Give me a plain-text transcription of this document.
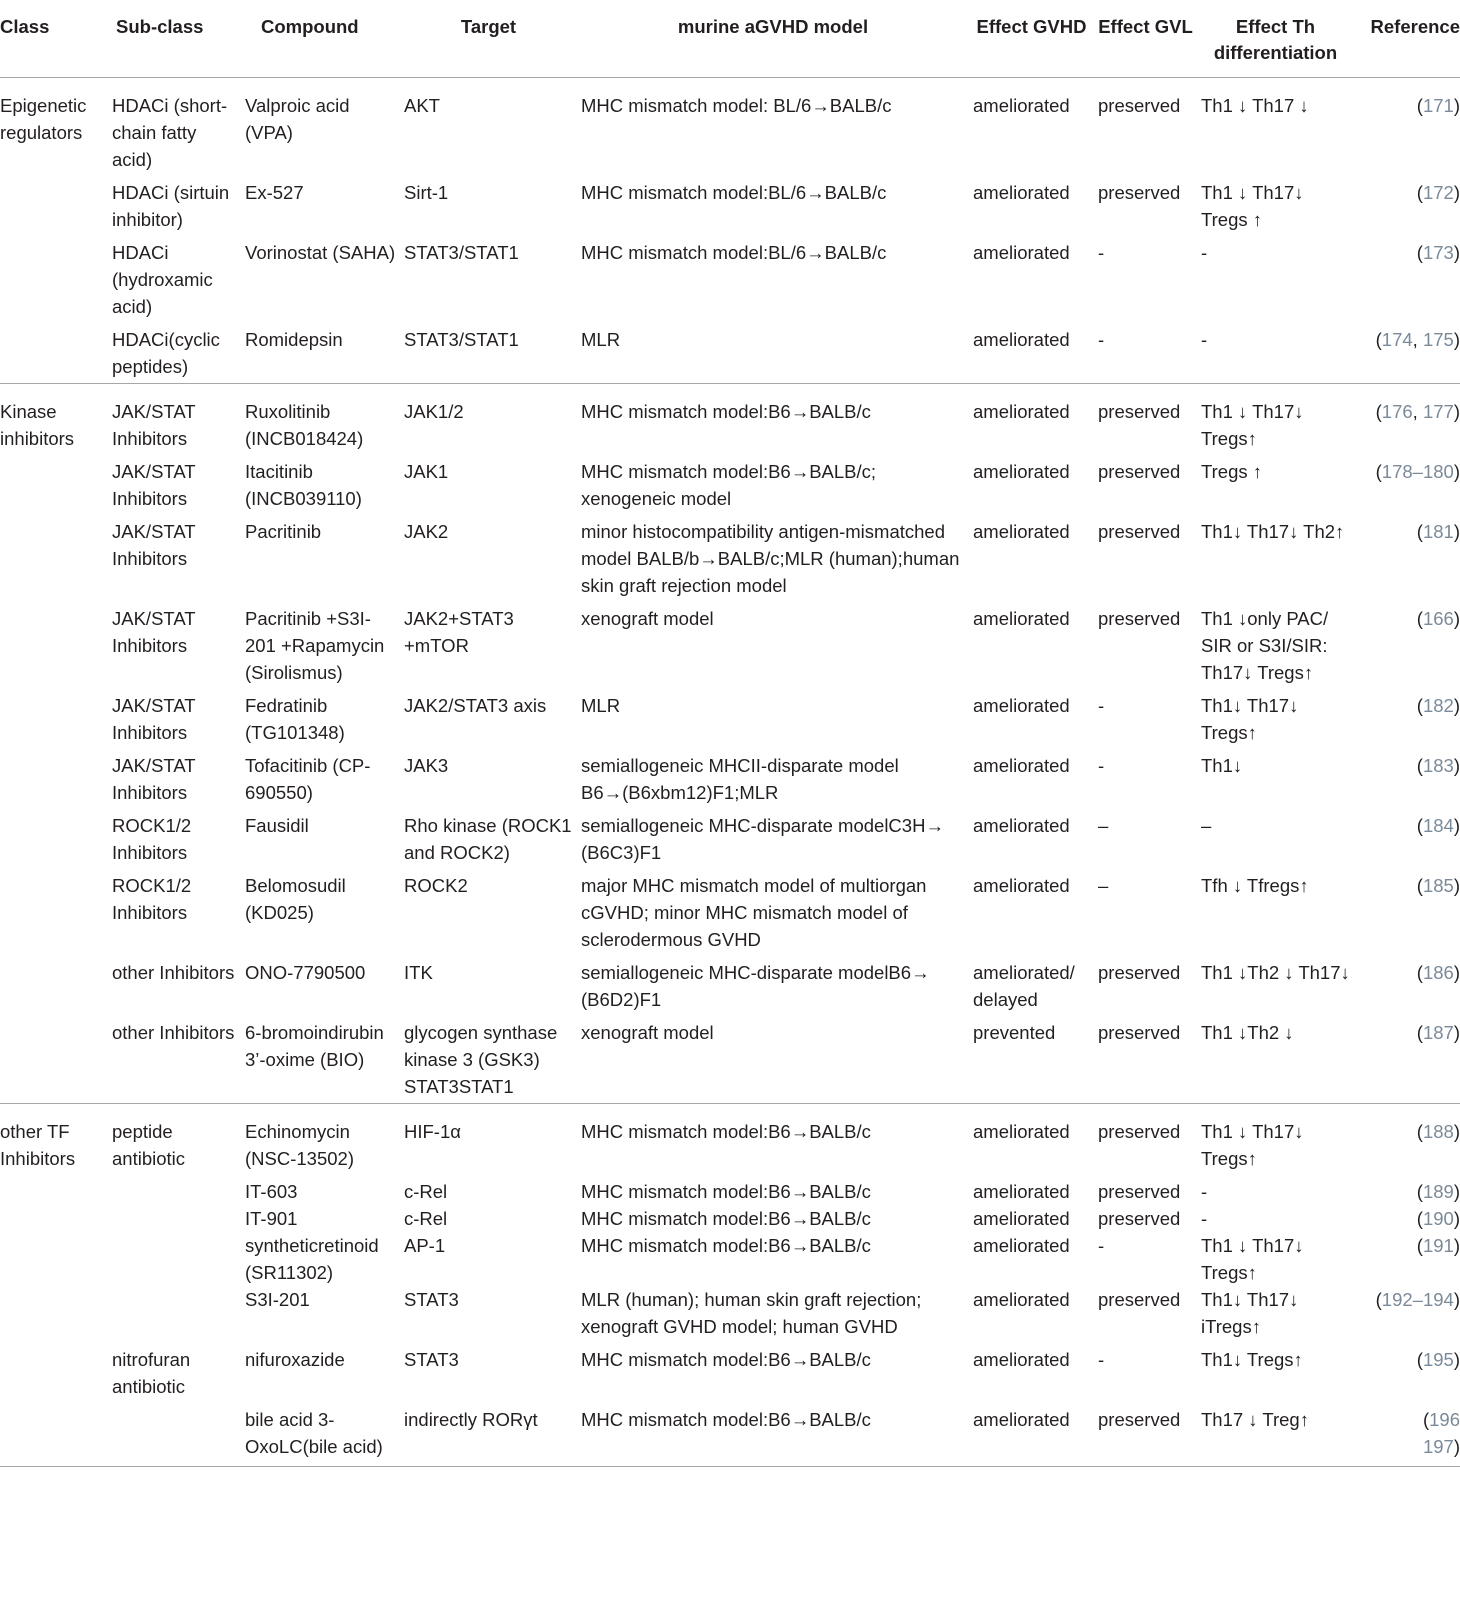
Class	Sub-class	Compound	Target	murine aGVHD model	Effect GVHD	Effect GVL	Effect Th differentiation	Reference
Epigenetic regulators	HDACi (short-chain fatty acid)	Valproic acid (VPA)	AKT	MHC mismatch model: BL/6→BALB/c	ameliorated	preserved	Th1 ↓ Th17 ↓	(171)
	HDACi (sirtuin inhibitor)	Ex-527	Sirt-1	MHC mismatch model:BL/6→BALB/c	ameliorated	preserved	Th1 ↓ Th17↓ Tregs ↑	(172)
	HDACi (hydroxamic acid)	Vorinostat (SAHA)	STAT3/STAT1	MHC mismatch model:BL/6→BALB/c	ameliorated	-	-	(173)
	HDACi(cyclic peptides)	Romidepsin	STAT3/STAT1	MLR	ameliorated	-	-	(174, 175)
Kinase inhibitors	JAK/STAT Inhibitors	Ruxolitinib (INCB018424)	JAK1/2	MHC mismatch model:B6→BALB/c	ameliorated	preserved	Th1 ↓ Th17↓ Tregs↑	(176, 177)
	JAK/STAT Inhibitors	Itacitinib (INCB039110)	JAK1	MHC mismatch model:B6→BALB/c; xenogeneic model	ameliorated	preserved	Tregs ↑	(178–180)
	JAK/STAT Inhibitors	Pacritinib	JAK2	minor histocompatibility antigen-mismatched model BALB/b→BALB/c;MLR (human);human skin graft rejection model	ameliorated	preserved	Th1↓ Th17↓ Th2↑	(181)
	JAK/STAT Inhibitors	Pacritinib +S3I-201 +Rapamycin (Sirolismus)	JAK2+STAT3 +mTOR	xenograft model	ameliorated	preserved	Th1 ↓only PAC/ SIR or S3I/SIR: Th17↓ Tregs↑	(166)
	JAK/STAT Inhibitors	Fedratinib (TG101348)	JAK2/STAT3 axis	MLR	ameliorated	-	Th1↓ Th17↓ Tregs↑	(182)
	JAK/STAT Inhibitors	Tofacitinib (CP-690550)	JAK3	semiallogeneic MHCII-disparate model B6→(B6xbm12)F1;MLR	ameliorated	-	Th1↓	(183)
	ROCK1/2 Inhibitors	Fausidil	Rho kinase (ROCK1 and ROCK2)	semiallogeneic MHC-disparate modelC3H→ (B6C3)F1	ameliorated	–	–	(184)
	ROCK1/2 Inhibitors	Belomosudil (KD025)	ROCK2	major MHC mismatch model of multiorgan cGVHD; minor MHC mismatch model of sclerodermous GVHD	ameliorated	–	Tfh ↓ Tfregs↑	(185)
	other Inhibitors	ONO-7790500	ITK	semiallogeneic MHC-disparate modelB6→ (B6D2)F1	ameliorated/ delayed	preserved	Th1 ↓Th2 ↓ Th17↓	(186)
	other Inhibitors	6-bromoindirubin 3’-oxime (BIO)	glycogen synthase kinase 3 (GSK3) STAT3STAT1	xenograft model	prevented	preserved	Th1 ↓Th2 ↓	(187)
other TF Inhibitors	peptide antibiotic	Echinomycin (NSC-13502)	HIF-1α	MHC mismatch model:B6→BALB/c	ameliorated	preserved	Th1 ↓ Th17↓ Tregs↑	(188)
		IT-603	c-Rel	MHC mismatch model:B6→BALB/c	ameliorated	preserved	-	(189)
		IT-901	c-Rel	MHC mismatch model:B6→BALB/c	ameliorated	preserved	-	(190)
		syntheticretinoid (SR11302)	AP-1	MHC mismatch model:B6→BALB/c	ameliorated	-	Th1 ↓ Th17↓ Tregs↑	(191)
		S3I-201	STAT3	MLR (human); human skin graft rejection; xenograft GVHD model; human GVHD	ameliorated	preserved	Th1↓ Th17↓ iTregs↑	(192–194)
	nitrofuran antibiotic	nifuroxazide	STAT3	MHC mismatch model:B6→BALB/c	ameliorated	-	Th1↓ Tregs↑	(195)
		bile acid 3-OxoLC(bile acid)	indirectly RORγt	MHC mismatch model:B6→BALB/c	ameliorated	preserved	Th17 ↓ Treg↑	(196
197)
